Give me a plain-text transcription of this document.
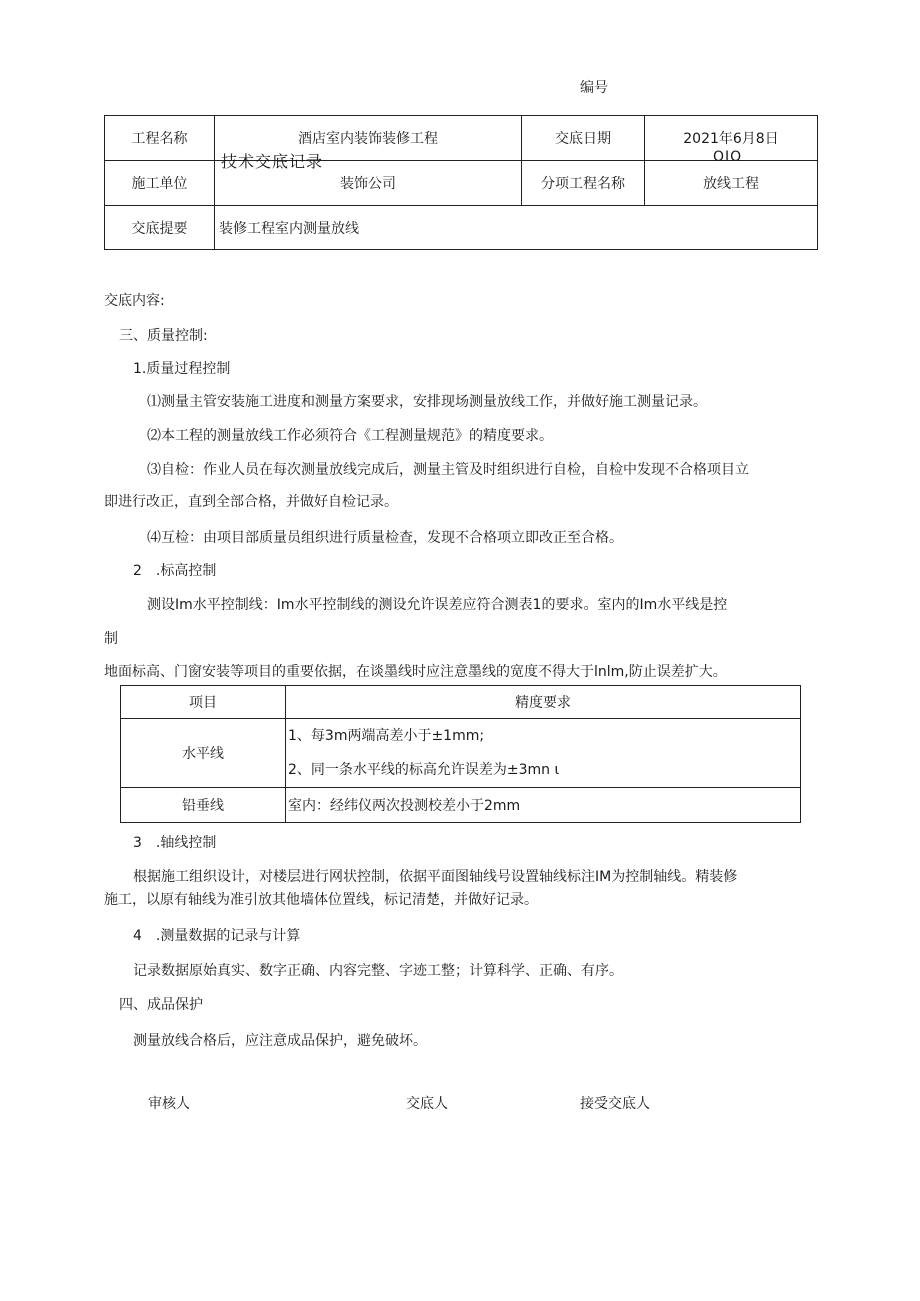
编号
工程名称	酒店室内装饰装修工程	交底日期	2021年6月8日
施工单位	装饰公司	分项工程名称	放线工程
交底提要	装修工程室内测量放线		
技术交底记录	OIO
交底内容:
三、质量控制:
1.质量过程控制
⑴测量主管安装施工进度和测量方案要求，安排现场测量放线工作，并做好施工测量记录。
⑵本工程的测量放线工作必须符合《工程测量规范》的精度要求。
⑶自检：作业人员在每次测量放线完成后，测量主管及时组织进行自检，自检中发现不合格项目立
即进行改正，直到全部合格，并做好自检记录。
⑷互检：由项目部质量员组织进行质量检查，发现不合格项立即改正至合格。
2　.标高控制
测设Im水平控制线：Im水平控制线的测设允许误差应符合测表1的要求。室内的Im水平线是控
制
地面标高、门窗安装等项目的重要依据，在谈墨线时应注意墨线的宽度不得大于lnlm,防止误差扩大。
项目	精度要求
水平线	1、每3m两端高差小于±1mm;
2、同一条水平线的标高允许误差为±3mn ι

铅垂线	室内：经纬仪两次投测校差小于2mm
3　.轴线控制
根据施工组织设计，对楼层进行网状控制，依据平面图轴线号设置轴线标注IM为控制轴线。精装修
施工，以原有轴线为准引放其他墙体位置线，标记清楚，并做好记录。
4　.测量数据的记录与计算
记录数据原始真实、数字正确、内容完整、字迹工整；计算科学、正确、有序。
四、成品保护
测量放线合格后，应注意成品保护，避免破坏。
审核人	交底人	接受交底人
